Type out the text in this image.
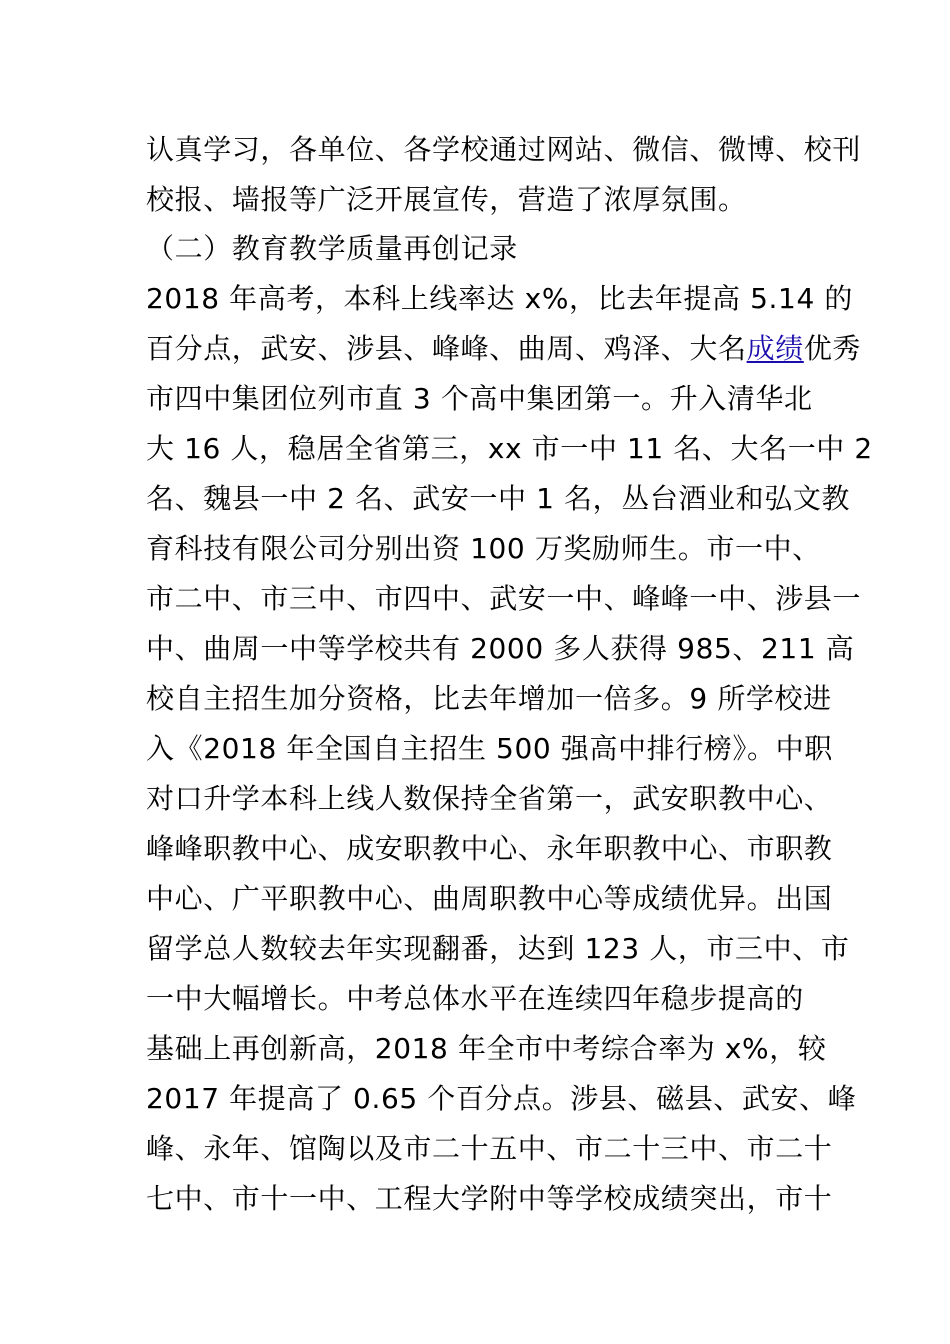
认真学习，各单位、各学校通过网站、微信、微博、校刊
校报、墙报等广泛开展宣传，营造了浓厚氛围。
（二）教育教学质量再创记录
2018 年高考，本科上线率达 x%，比去年提高 5.14 的
百分点，武安、涉县、峰峰、曲周、鸡泽、大名成绩优秀
市四中集团位列市直 3 个高中集团第一。升入清华北
大 16 人，稳居全省第三，xx 市一中 11 名、大名一中 2
名、魏县一中 2 名、武安一中 1 名，丛台酒业和弘文教
育科技有限公司分别出资 100 万奖励师生。市一中、
市二中、市三中、市四中、武安一中、峰峰一中、涉县一
中、曲周一中等学校共有 2000 多人获得 985、211 高
校自主招生加分资格，比去年增加一倍多。9 所学校进
入《2018 年全国自主招生 500 强高中排行榜》。中职
对口升学本科上线人数保持全省第一，武安职教中心、
峰峰职教中心、成安职教中心、永年职教中心、市职教
中心、广平职教中心、曲周职教中心等成绩优异。出国
留学总人数较去年实现翻番，达到 123 人，市三中、市
一中大幅增长。中考总体水平在连续四年稳步提高的
基础上再创新高，2018 年全市中考综合率为 x%，较
2017 年提高了 0.65 个百分点。涉县、磁县、武安、峰
峰、永年、馆陶以及市二十五中、市二十三中、市二十
七中、市十一中、工程大学附中等学校成绩突出，市十
